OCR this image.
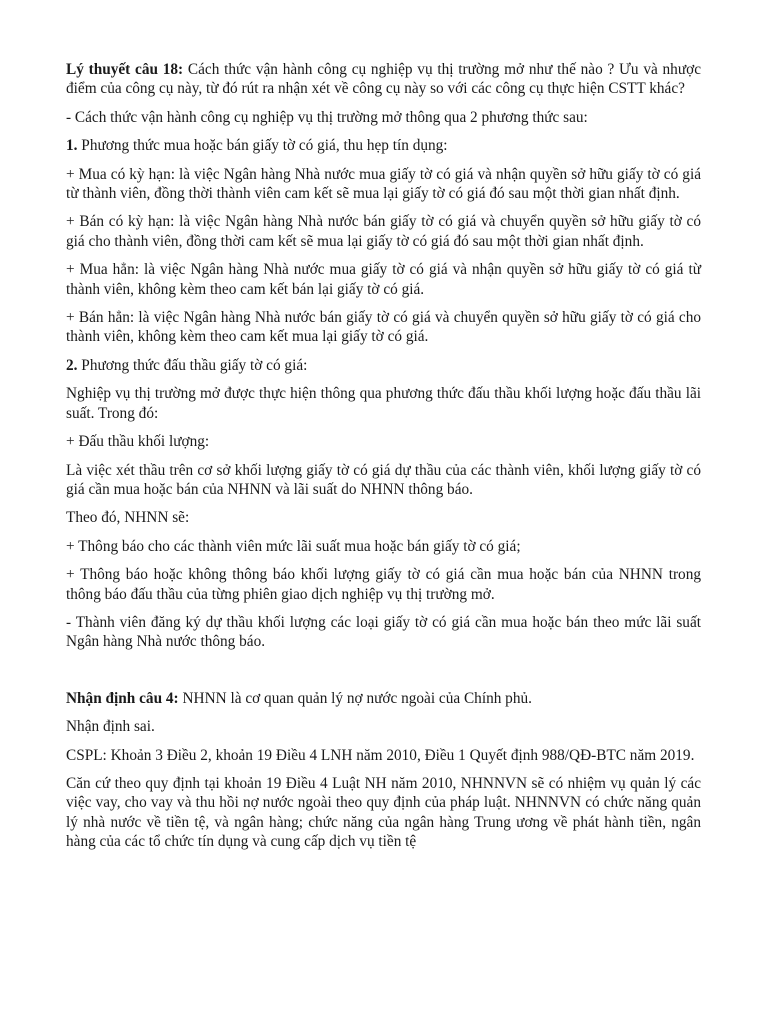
Lý thuyết câu 18: Cách thức vận hành công cụ nghiệp vụ thị trường mở như thế nào ? Ưu và nhược điểm của công cụ này, từ đó rút ra nhận xét về công cụ này so với các công cụ thực hiện CSTT khác?

- Cách thức vận hành công cụ nghiệp vụ thị trường mở thông qua 2 phương thức sau:

1. Phương thức mua hoặc bán giấy tờ có giá, thu hẹp tín dụng:

+ Mua có kỳ hạn: là việc Ngân hàng Nhà nước mua giấy tờ có giá và nhận quyền sở hữu giấy tờ có giá từ thành viên, đồng thời thành viên cam kết sẽ mua lại giấy tờ có giá đó sau một thời gian nhất định.

+ Bán có kỳ hạn: là việc Ngân hàng Nhà nước bán giấy tờ có giá và chuyển quyền sở hữu giấy tờ có giá cho thành viên, đồng thời cam kết sẽ mua lại giấy tờ có giá đó sau một thời gian nhất định.

+ Mua hẳn: là việc Ngân hàng Nhà nước mua giấy tờ có giá và nhận quyền sở hữu giấy tờ có giá từ thành viên, không kèm theo cam kết bán lại giấy tờ có giá.

+ Bán hẳn: là việc Ngân hàng Nhà nước bán giấy tờ có giá và chuyển quyền sở hữu giấy tờ có giá cho thành viên, không kèm theo cam kết mua lại giấy tờ có giá.

2. Phương thức đấu thầu giấy tờ có giá:

Nghiệp vụ thị trường mở được thực hiện thông qua phương thức đấu thầu khối lượng hoặc đấu thầu lãi suất. Trong đó:

+ Đấu thầu khối lượng:

Là việc xét thầu trên cơ sở khối lượng giấy tờ có giá dự thầu của các thành viên, khối lượng giấy tờ có giá cần mua hoặc bán của NHNN và lãi suất do NHNN thông báo.

Theo đó, NHNN sẽ:

+ Thông báo cho các thành viên mức lãi suất mua hoặc bán giấy tờ có giá;

+ Thông báo hoặc không thông báo khối lượng giấy tờ có giá cần mua hoặc bán của NHNN trong thông báo đấu thầu của từng phiên giao dịch nghiệp vụ thị trường mở.

- Thành viên đăng ký dự thầu khối lượng các loại giấy tờ có giá cần mua hoặc bán theo mức lãi suất Ngân hàng Nhà nước thông báo.

Nhận định câu 4: NHNN là cơ quan quản lý nợ nước ngoài của Chính phủ.

Nhận định sai.

CSPL: Khoản 3 Điều 2, khoản 19 Điều 4 LNH năm 2010, Điều 1 Quyết định 988/QĐ-BTC năm 2019.

Căn cứ theo quy định tại khoản 19 Điều 4 Luật NH năm 2010, NHNNVN sẽ có nhiệm vụ quản lý các việc vay, cho vay và thu hồi nợ nước ngoài theo quy định của pháp luật. NHNNVN có chức năng quản lý nhà nước về tiền tệ, và ngân hàng; chức năng của ngân hàng Trung ương về phát hành tiền, ngân hàng của các tổ chức tín dụng và cung cấp dịch vụ tiền tệ
